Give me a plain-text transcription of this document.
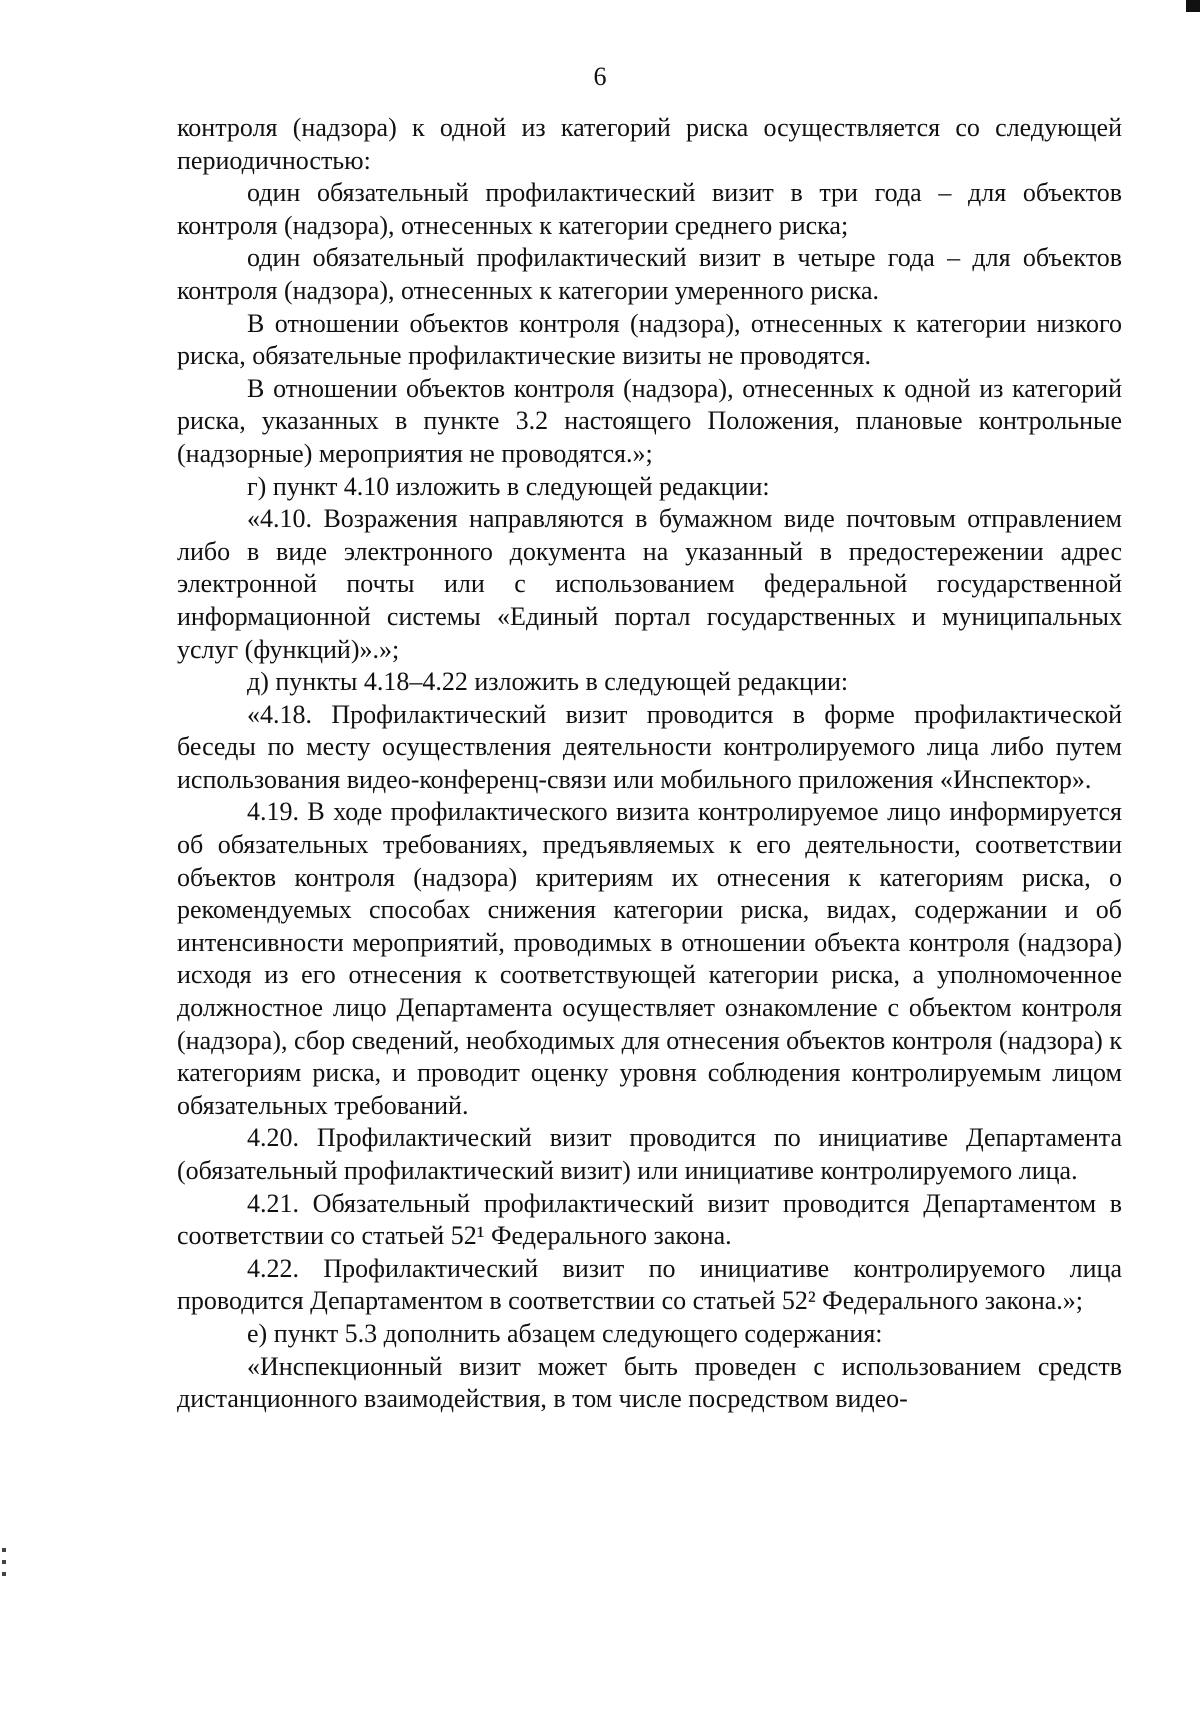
6

контроля (надзора) к одной из категорий риска осуществляется со следующей периодичностью:

один обязательный профилактический визит в три года – для объектов контроля (надзора), отнесенных к категории среднего риска;

один обязательный профилактический визит в четыре года – для объектов контроля (надзора), отнесенных к категории умеренного риска.

В отношении объектов контроля (надзора), отнесенных к категории низкого риска, обязательные профилактические визиты не проводятся.

В отношении объектов контроля (надзора), отнесенных к одной из категорий риска, указанных в пункте 3.2 настоящего Положения, плановые контрольные (надзорные) мероприятия не проводятся.»;

г) пункт 4.10 изложить в следующей редакции:

«4.10. Возражения направляются в бумажном виде почтовым отправлением либо в виде электронного документа на указанный в предостережении адрес электронной почты или с использованием федеральной государственной информационной системы «Единый портал государственных и муниципальных услуг (функций)».»;

д) пункты 4.18–4.22 изложить в следующей редакции:

«4.18. Профилактический визит проводится в форме профилактической беседы по месту осуществления деятельности контролируемого лица либо путем использования видео-конференц-связи или мобильного приложения «Инспектор».

4.19. В ходе профилактического визита контролируемое лицо информируется об обязательных требованиях, предъявляемых к его деятельности, соответствии объектов контроля (надзора) критериям их отнесения к категориям риска, о рекомендуемых способах снижения категории риска, видах, содержании и об интенсивности мероприятий, проводимых в отношении объекта контроля (надзора) исходя из его отнесения к соответствующей категории риска, а уполномоченное должностное лицо Департамента осуществляет ознакомление с объектом контроля (надзора), сбор сведений, необходимых для отнесения объектов контроля (надзора) к категориям риска, и проводит оценку уровня соблюдения контролируемым лицом обязательных требований.

4.20. Профилактический визит проводится по инициативе Департамента (обязательный профилактический визит) или инициативе контролируемого лица.

4.21. Обязательный профилактический визит проводится Департаментом в соответствии со статьей 52¹ Федерального закона.

4.22. Профилактический визит по инициативе контролируемого лица проводится Департаментом в соответствии со статьей 52² Федерального закона.»;

е) пункт 5.3 дополнить абзацем следующего содержания:

«Инспекционный визит может быть проведен с использованием средств дистанционного взаимодействия, в том числе посредством видео-
